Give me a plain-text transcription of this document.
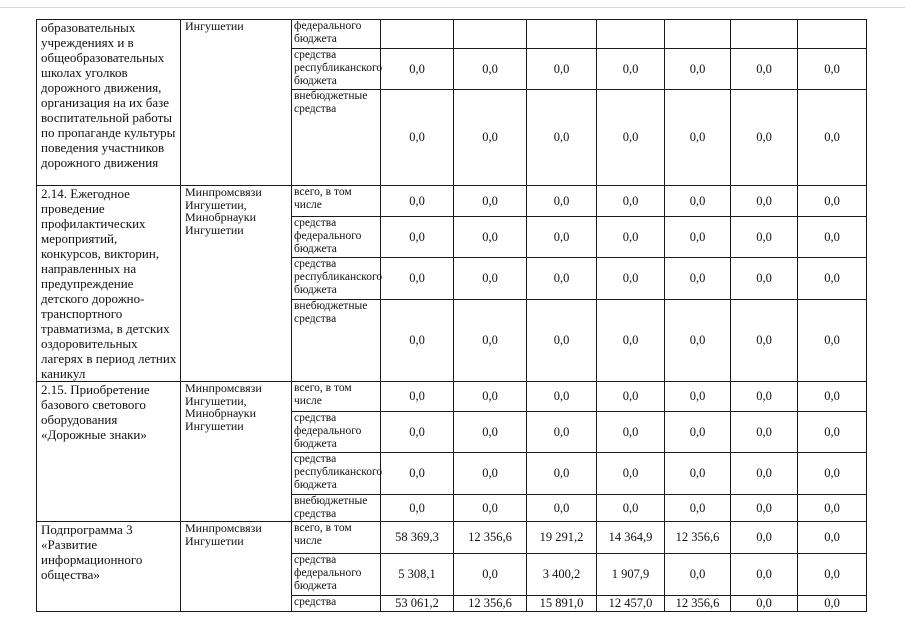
образовательных учреждениях и в общеобразовательных школах уголков дорожного движения, организация на их базе воспитательной работы по пропаганде культуры поведения участников дорожного движения	Ингушетии	федерального бюджета							
		средства республиканского бюджета	0,0	0,0	0,0	0,0	0,0	0,0	0,0
		внебюджетные средства	0,0	0,0	0,0	0,0	0,0	0,0	0,0
2.14. Ежегодное проведение профилактических мероприятий, конкурсов, викторин, направленных на предупреждение детского дорожно-транспортного травматизма, в детских оздоровительных лагерях в период летних каникул	Минпромсвязи Ингушетии, Минобрнауки Ингушетии	всего, в том числе	0,0	0,0	0,0	0,0	0,0	0,0	0,0
		средства федерального бюджета	0,0	0,0	0,0	0,0	0,0	0,0	0,0
		средства республиканского бюджета	0,0	0,0	0,0	0,0	0,0	0,0	0,0
		внебюджетные средства	0,0	0,0	0,0	0,0	0,0	0,0	0,0
2.15. Приобретение базового светового оборудования «Дорожные знаки»	Минпромсвязи Ингушетии, Минобрнауки Ингушетии	всего, в том числе	0,0	0,0	0,0	0,0	0,0	0,0	0,0
		средства федерального бюджета	0,0	0,0	0,0	0,0	0,0	0,0	0,0
		средства республиканского бюджета	0,0	0,0	0,0	0,0	0,0	0,0	0,0
		внебюджетные средства	0,0	0,0	0,0	0,0	0,0	0,0	0,0
Подпрограмма 3 «Развитие информационного общества»	Минпромсвязи Ингушетии	всего, в том числе	58 369,3	12 356,6	19 291,2	14 364,9	12 356,6	0,0	0,0
		средства федерального бюджета	5 308,1	0,0	3 400,2	1 907,9	0,0	0,0	0,0
		средства	53 061,2	12 356,6	15 891,0	12 457,0	12 356,6	0,0	0,0
